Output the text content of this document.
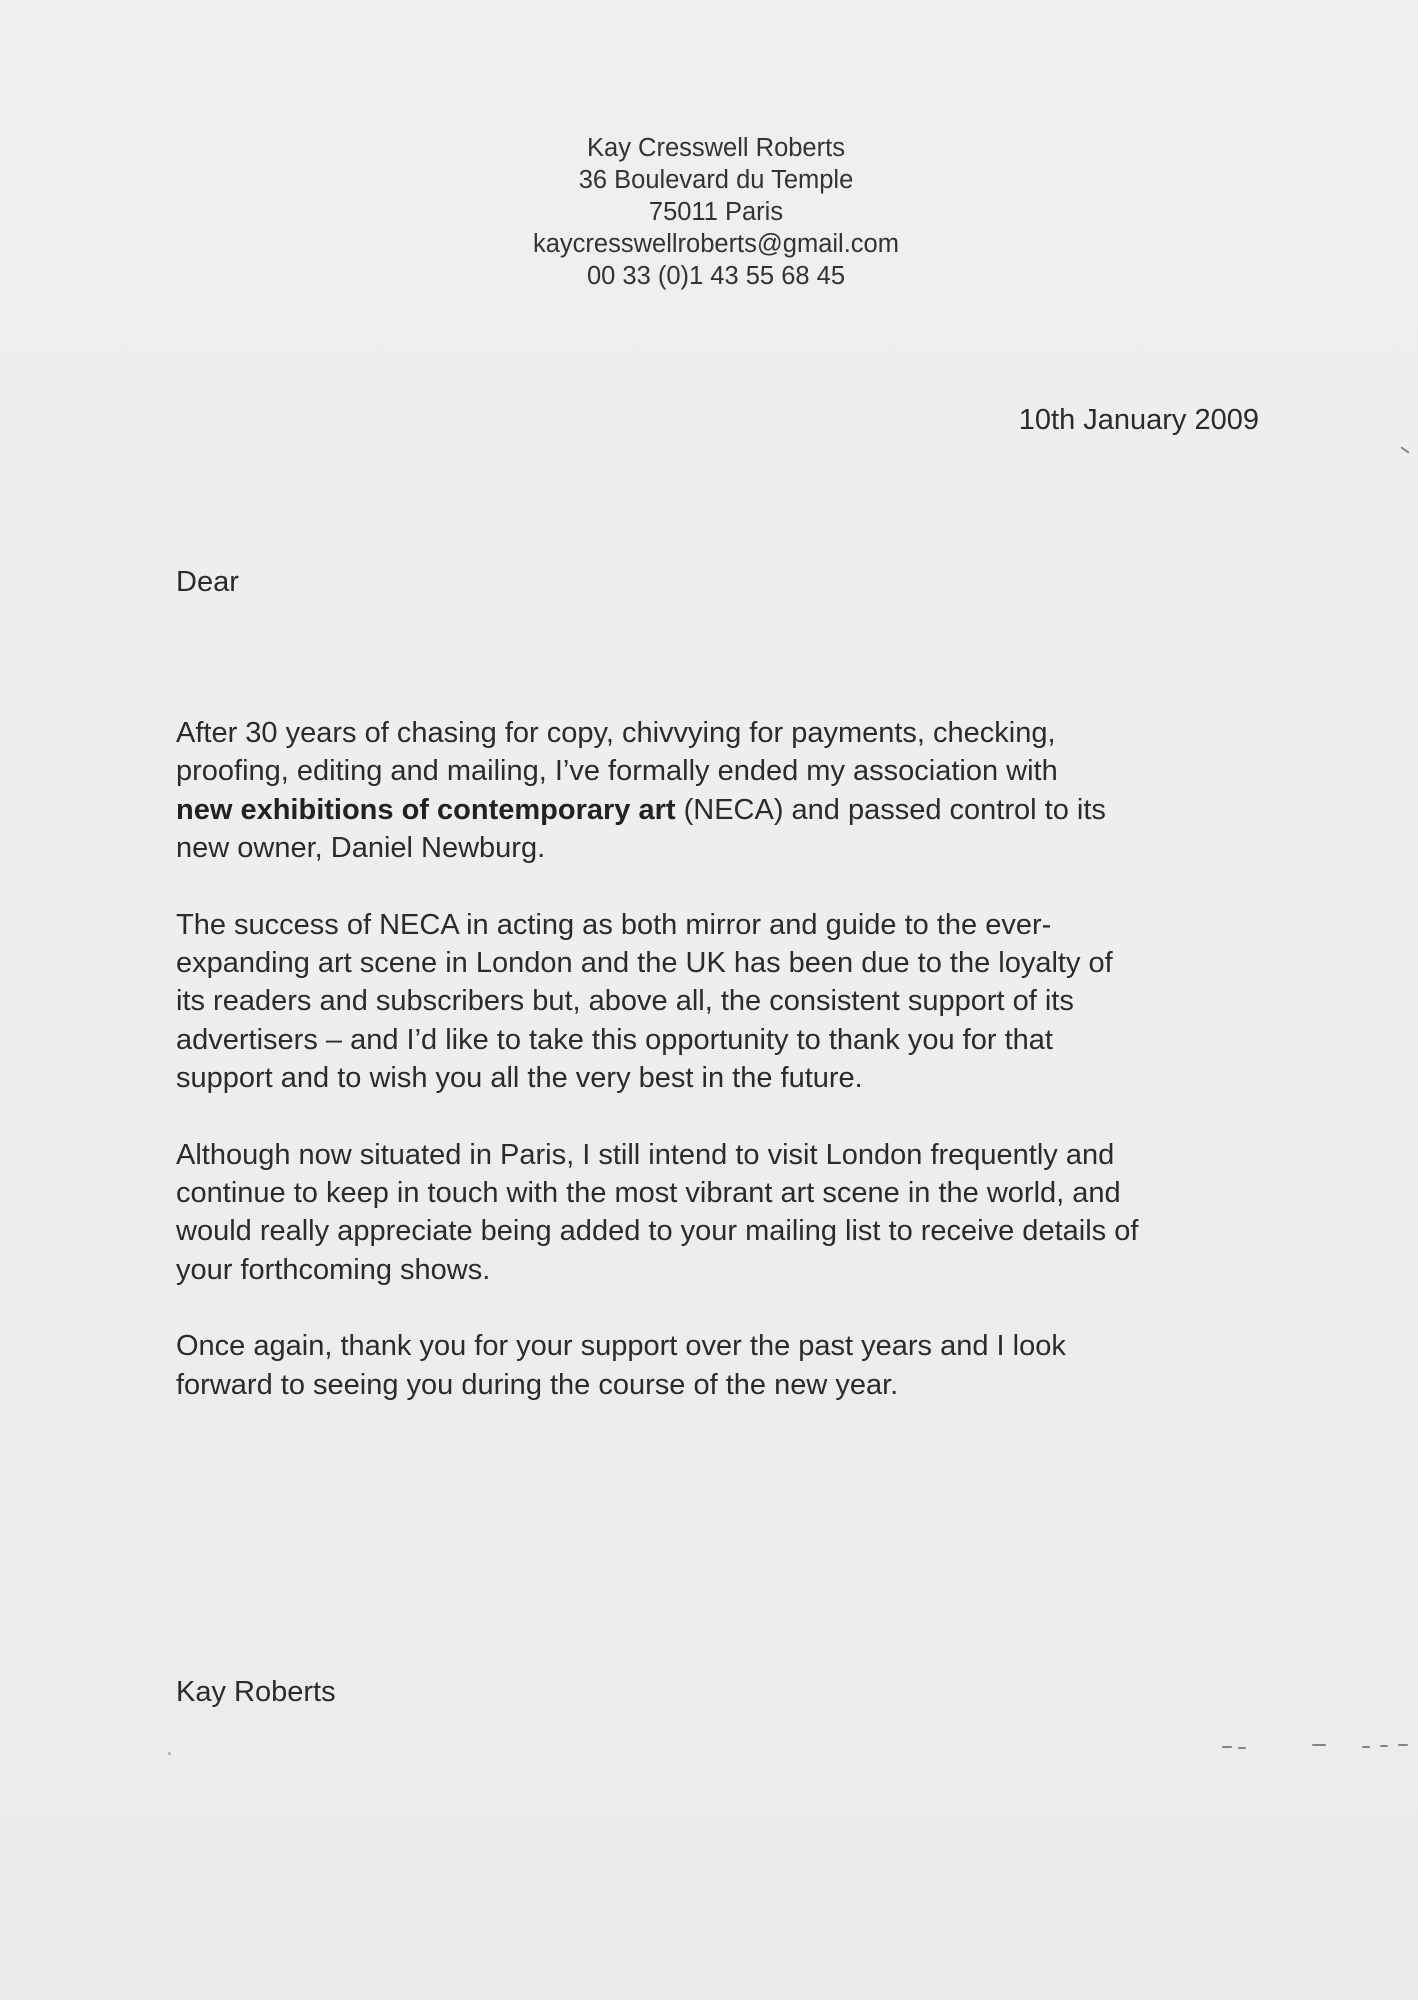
Kay Cresswell Roberts
36 Boulevard du Temple
75011 Paris
kaycresswellroberts@gmail.com
00 33 (0)1 43 55 68 45
10th January 2009
Dear

After 30 years of chasing for copy, chivvying for payments, checking,
proofing, editing and mailing, I’ve formally ended my association with
new exhibitions of contemporary art (NECA) and passed control to its
new owner, Daniel Newburg.

The success of NECA in acting as both mirror and guide to the ever-
expanding art scene in London and the UK has been due to the loyalty of
its readers and subscribers but, above all, the consistent support of its
advertisers – and I’d like to take this opportunity to thank you for that
support and to wish you all the very best in the future.

Although now situated in Paris, I still intend to visit London frequently and
continue to keep in touch with the most vibrant art scene in the world, and
would really appreciate being added to your mailing list to receive details of
your forthcoming shows.

Once again, thank you for your support over the past years and I look
forward to seeing you during the course of the new year.

Kay Roberts
